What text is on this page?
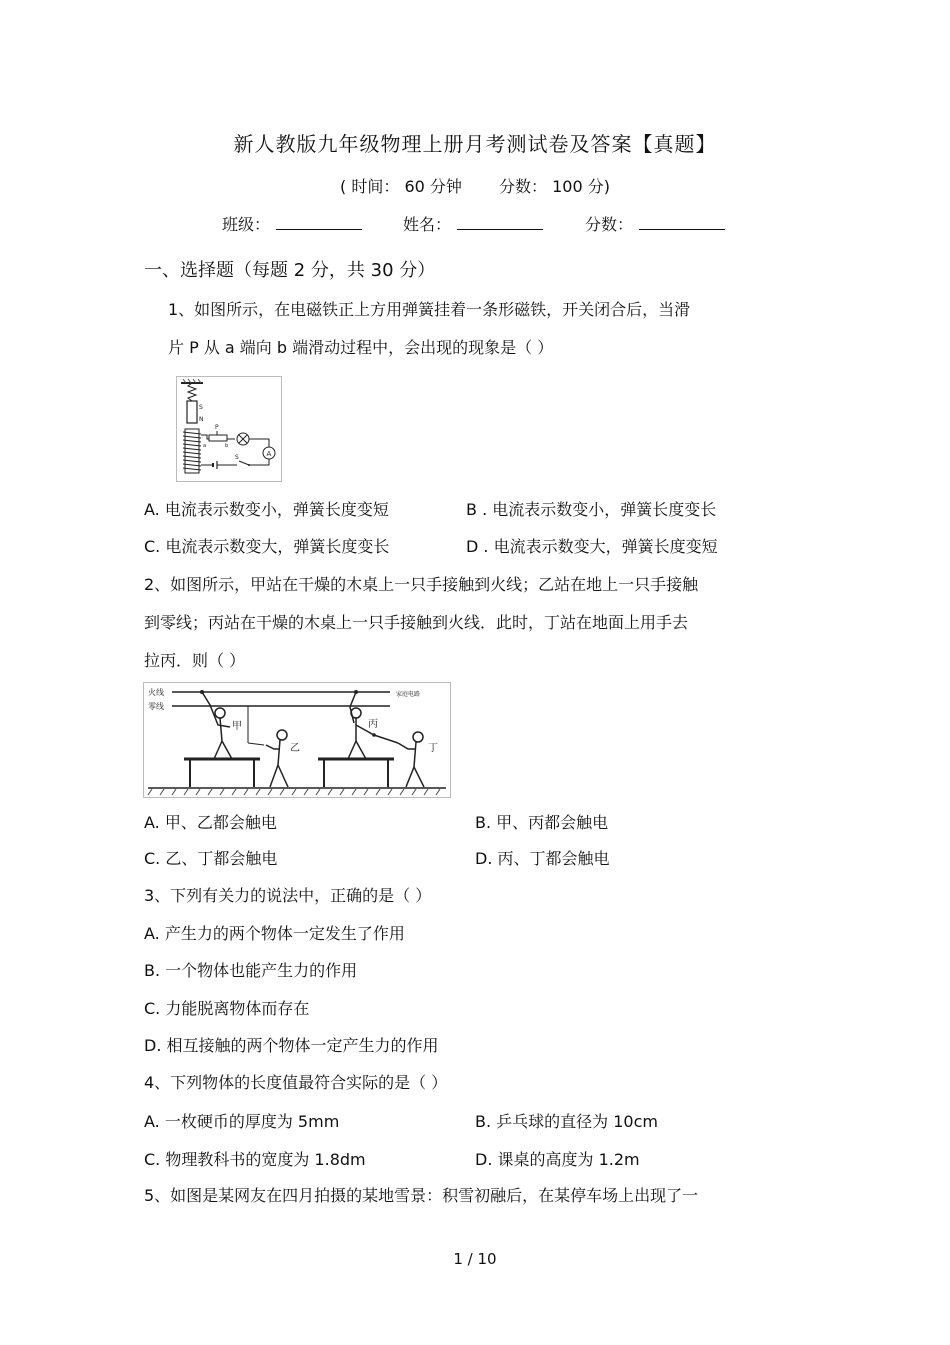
新人教版九年级物理上册月考测试卷及答案【真题】
( 时间： 60 分钟 分数： 100 分)
班级：	姓名：	分数：
一、选择题（每题 2 分，共 30 分）
1、如图所示，在电磁铁正上方用弹簧挂着一条形磁铁，开关闭合后，当滑
片 P 从 a 端向 b 端滑动过程中，会出现的现象是（ ）
S
N
P
a	b
A
S
A. 电流表示数变小，弹簧长度变短	B . 电流表示数变小，弹簧长度变长
C. 电流表示数变大，弹簧长度变长	D . 电流表示数变大，弹簧长度变短
2、如图所示，甲站在干燥的木桌上一只手接触到火线；乙站在地上一只手接触
到零线；丙站在干燥的木桌上一只手接触到火线．此时，丁站在地面上用手去
拉丙．则（ ）
火线
零线
家庭电路
甲
乙
丙
丁
A. 甲、乙都会触电	B. 甲、丙都会触电
C. 乙、丁都会触电	D. 丙、丁都会触电
3、下列有关力的说法中，正确的是（ ）
A. 产生力的两个物体一定发生了作用
B. 一个物体也能产生力的作用
C. 力能脱离物体而存在
D. 相互接触的两个物体一定产生力的作用
4、下列物体的长度值最符合实际的是（ ）
A. 一枚硬币的厚度为 5mm	B. 乒乓球的直径为 10cm
C. 物理教科书的宽度为 1.8dm	D. 课桌的高度为 1.2m
5、如图是某网友在四月拍摄的某地雪景：积雪初融后，在某停车场上出现了一
1 / 10
